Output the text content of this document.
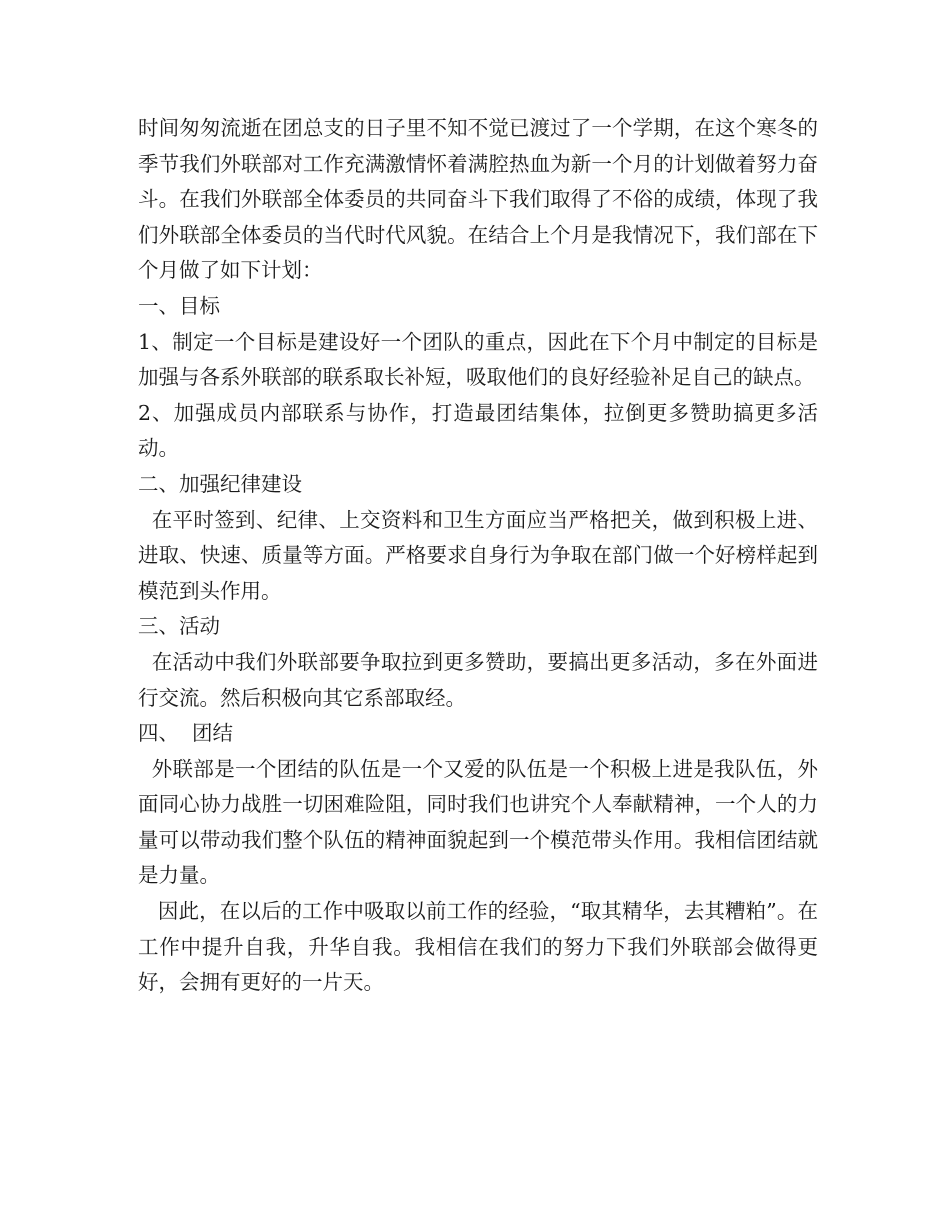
时间匆匆流逝在团总支的日子里不知不觉已渡过了一个学期，在这个寒冬的季节我们外联部对工作充满激情怀着满腔热血为新一个月的计划做着努力奋斗。在我们外联部全体委员的共同奋斗下我们取得了不俗的成绩，体现了我们外联部全体委员的当代时代风貌。在结合上个月是我情况下，我们部在下个月做了如下计划：

一、目标

1、制定一个目标是建设好一个团队的重点，因此在下个月中制定的目标是加强与各系外联部的联系取长补短，吸取他们的良好经验补足自己的缺点。

2、加强成员内部联系与协作，打造最团结集体，拉倒更多赞助搞更多活动。

二、加强纪律建设

在平时签到、纪律、上交资料和卫生方面应当严格把关，做到积极上进、进取、快速、质量等方面。严格要求自身行为争取在部门做一个好榜样起到模范到头作用。

三、活动

在活动中我们外联部要争取拉到更多赞助，要搞出更多活动，多在外面进行交流。然后积极向其它系部取经。

四、  团结

外联部是一个团结的队伍是一个又爱的队伍是一个积极上进是我队伍，外面同心协力战胜一切困难险阻，同时我们也讲究个人奉献精神，一个人的力量可以带动我们整个队伍的精神面貌起到一个模范带头作用。我相信团结就是力量。

因此，在以后的工作中吸取以前工作的经验，“取其精华，去其糟粕”。在工作中提升自我，升华自我。我相信在我们的努力下我们外联部会做得更好，会拥有更好的一片天。
